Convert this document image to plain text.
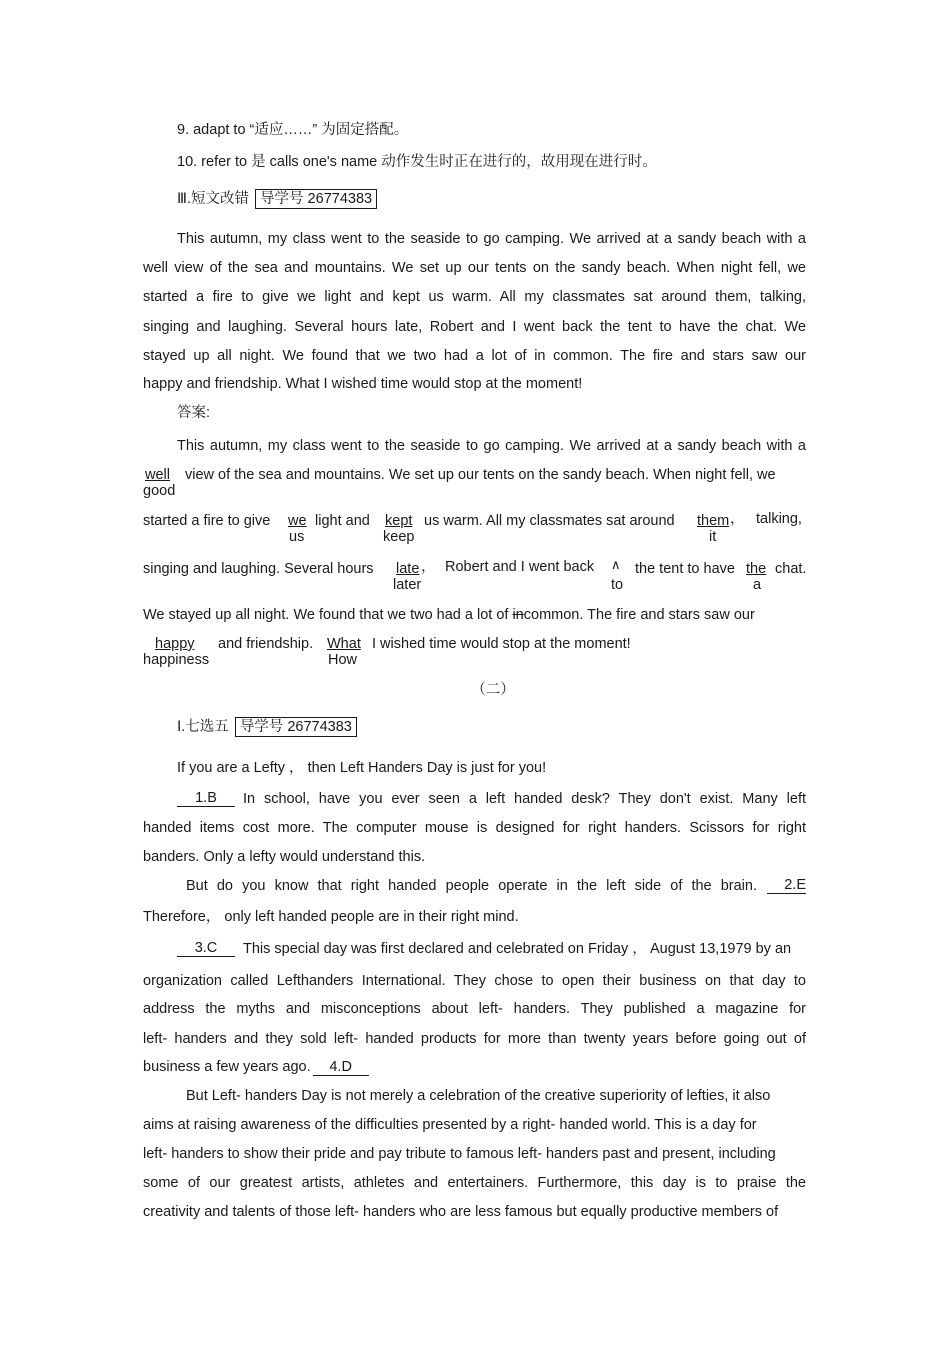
9. adapt to “适应……” 为固定搭配。
10. refer to 是 calls one's name 动作发生时正在进行的，故用现在进行时。
Ⅲ.短文改错 导学号 26774383
This autumn, my class went to the seaside to go camping. We arrived at a sandy beach with a
well view of the sea and mountains. We set up our tents on the sandy beach. When night fell, we
started a fire to give we light and kept us warm. All my classmates sat around them, talking,
singing and laughing. Several hours late, Robert and I went back the tent to have the chat. We
stayed up all night. We found that we two had a lot of in common. The fire and stars saw our
happy and friendship. What I wished time would stop at the moment!
答案:
This autumn, my class went to the seaside to go camping. We arrived at a sandy beach with a
well
good
view of the sea and mountains. We set up our tents on the sandy beach. When night fell, we
started a fire to give we
us
light and kept
keep
us warm. All my classmates sat around them ，
it
talking,
singing and laughing. Several hours late ，
later
Robert and I went back ∧
to
the tent to have the
a
chat.
We stayed up all night. We found that we two had a lot of incommon. The fire and stars saw our
happy
happiness
and friendship. What
How
I wished time would stop at the moment!
（二）
Ⅰ.七选五 导学号 26774383
If you are a Lefty ， then Left Handers Day is just for you!
1.B	In school, have you ever seen a left handed desk? They don't exist. Many left
handed items cost more. The computer mouse is designed for right handers. Scissors for right
banders. Only a lefty would understand this.
But do you know that right handed people operate in the left side of the brain.	2.E
Therefore， only left handed people are in their right mind.
3.C	This special day was first declared and celebrated on Friday ， August 13,1979 by an
organization called Lefthanders International. They chose to open their business on that day to
address the myths and misconceptions about left- handers. They published a magazine for
left- handers and they sold left- handed products for more than twenty years before going out of
business a few years ago. 4.D
But Left- handers Day is not merely a celebration of the creative superiority of lefties, it also
aims at raising awareness of the difficulties presented by a right- handed world. This is a day for
left- handers to show their pride and pay tribute to famous left- handers past and present, including
some of our greatest artists, athletes and entertainers. Furthermore, this day is to praise the
creativity and talents of those left- handers who are less famous but equally productive members of
